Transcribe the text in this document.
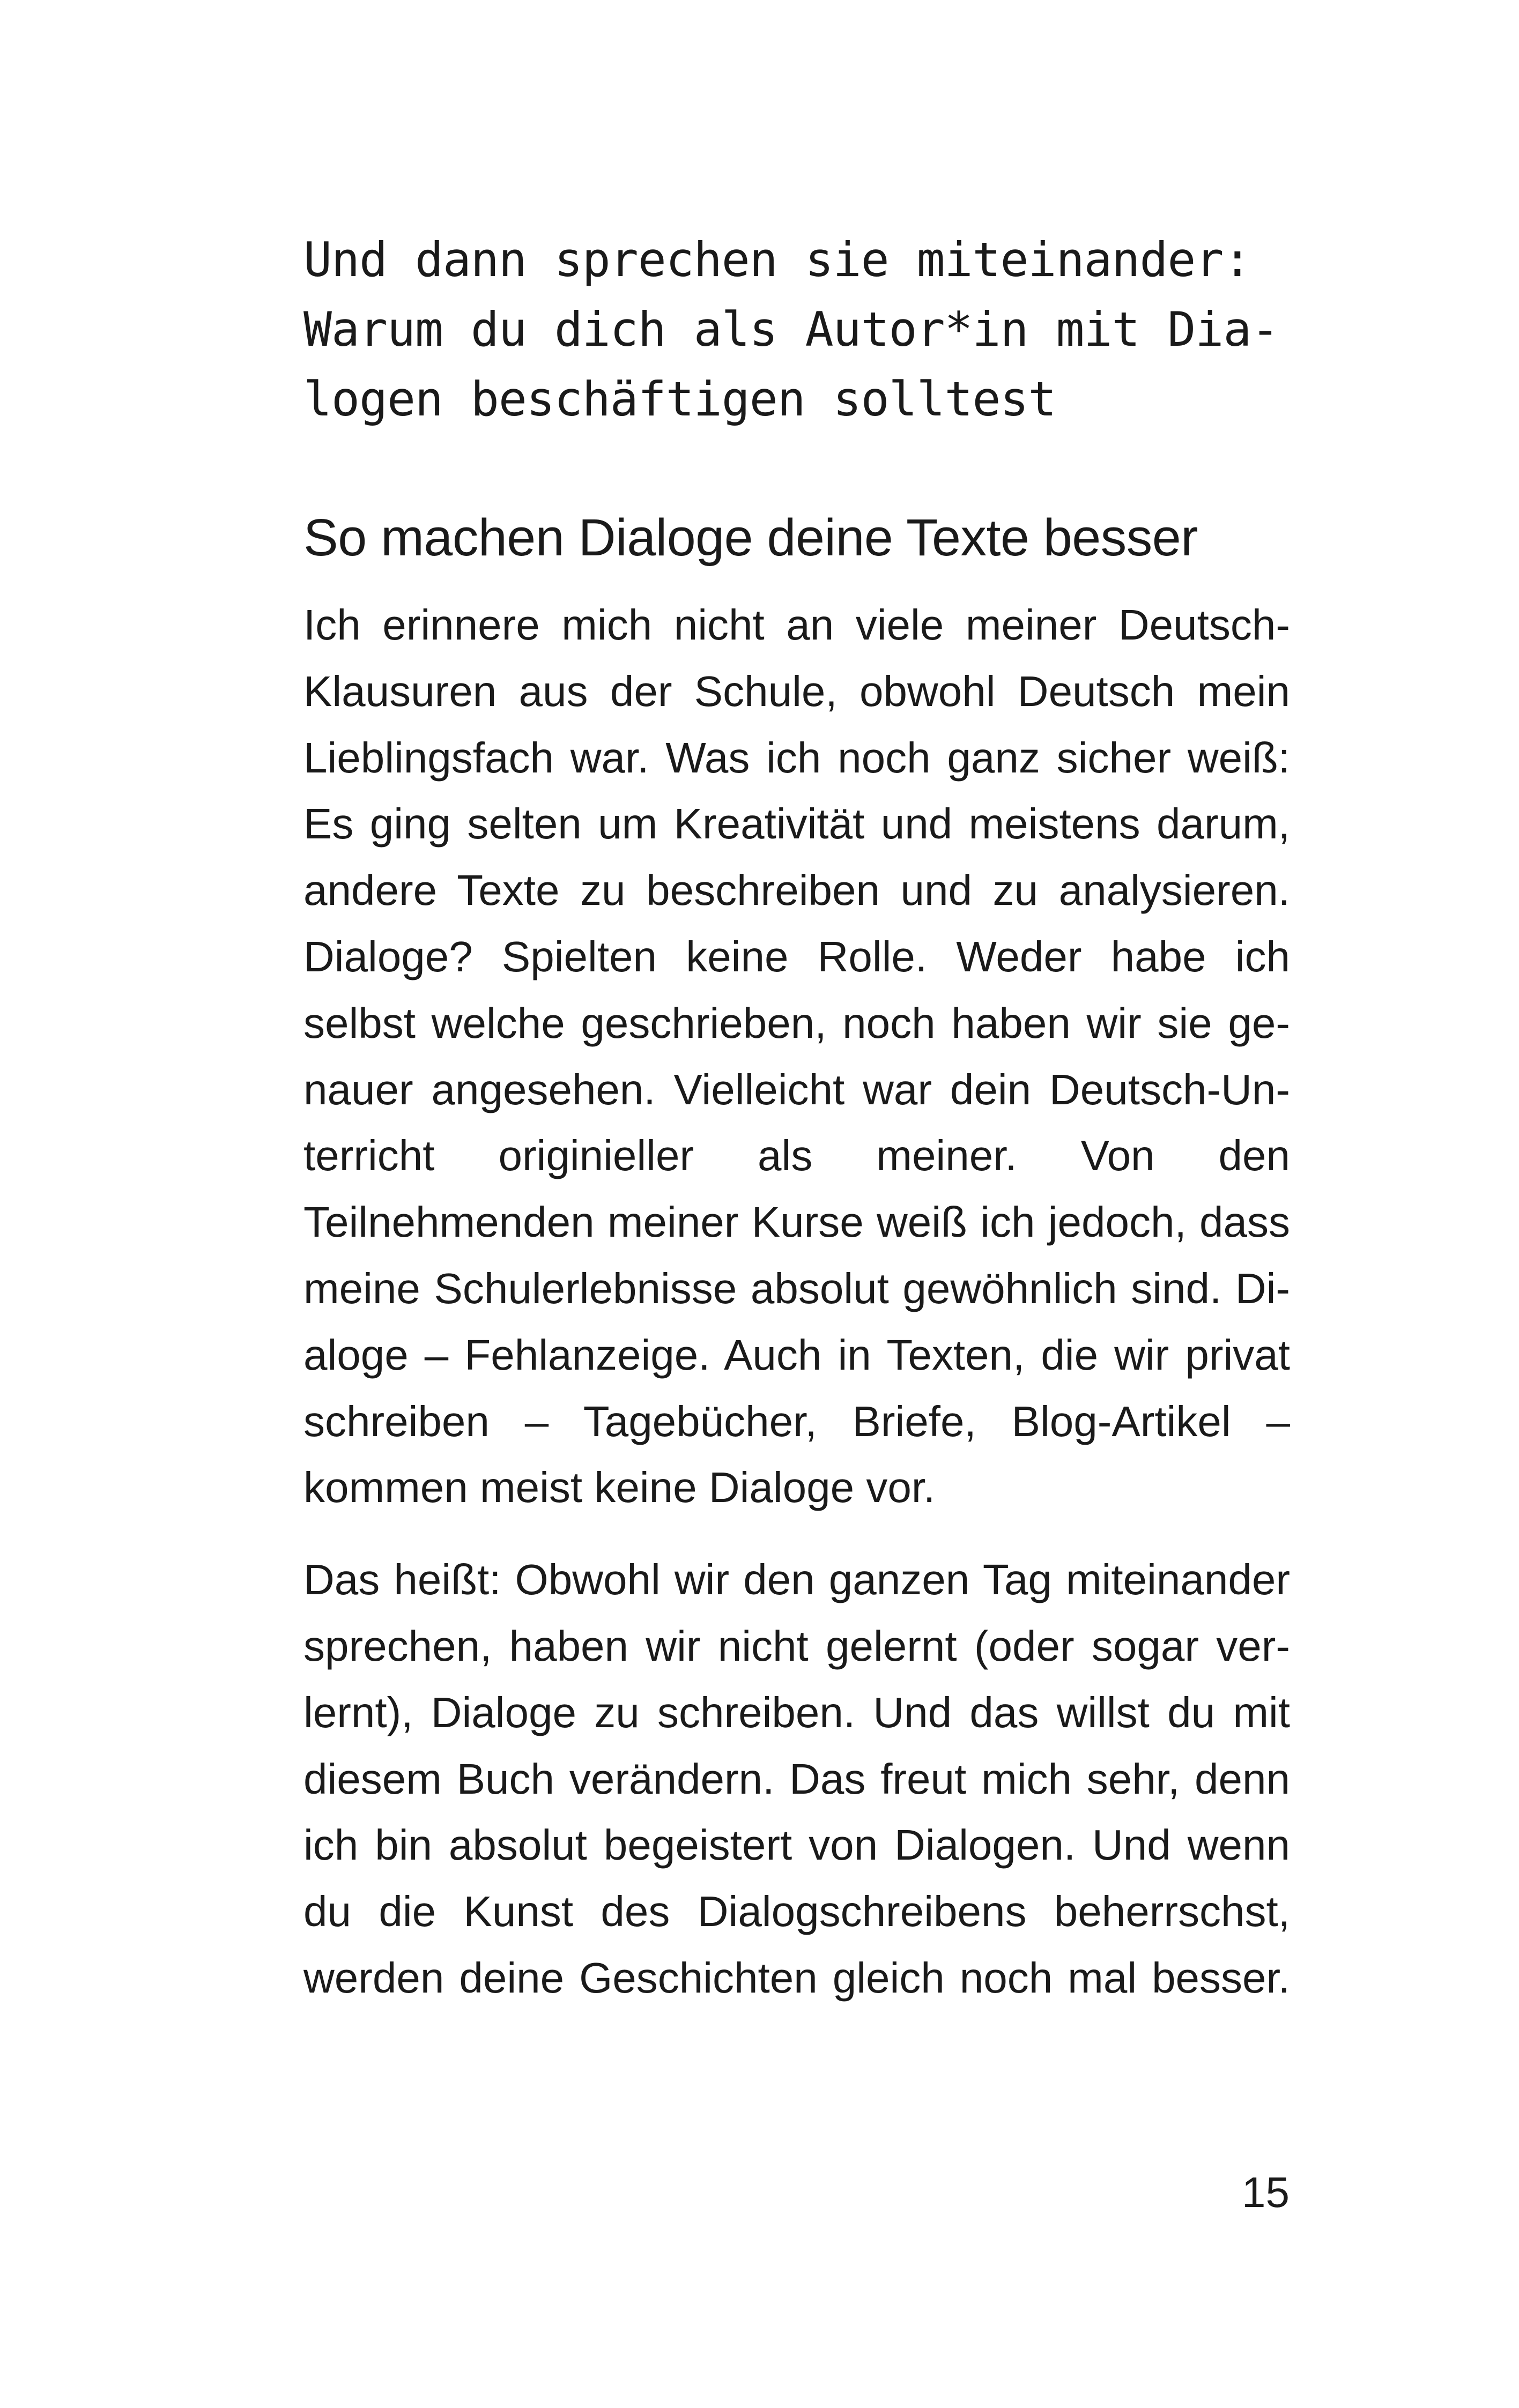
Und dann sprechen sie miteinander:
Warum du dich als Autor*in mit Dia-
logen beschäftigen solltest
So machen Dialoge deine Texte besser

Ich erinnere mich nicht an viele meiner Deutsch-
Klausuren aus der Schule, obwohl Deutsch mein
Lieblingsfach war. Was ich noch ganz sicher weiß:
Es ging selten um Kreativität und meistens darum,
andere Texte zu beschreiben und zu analysieren.
Dialoge? Spielten keine Rolle. Weder habe ich
selbst welche geschrieben, noch haben wir sie ge-
nauer angesehen. Vielleicht war dein Deutsch-Un-
terricht originieller als meiner. Von den
Teilnehmenden meiner Kurse weiß ich jedoch, dass
meine Schulerlebnisse absolut gewöhnlich sind. Di-
aloge – Fehlanzeige. Auch in Texten, die wir privat
schreiben – Tagebücher, Briefe, Blog-Artikel –
kommen meist keine Dialoge vor.

Das heißt: Obwohl wir den ganzen Tag miteinander
sprechen, haben wir nicht gelernt (oder sogar ver-
lernt), Dialoge zu schreiben. Und das willst du mit
diesem Buch verändern. Das freut mich sehr, denn
ich bin absolut begeistert von Dialogen. Und wenn
du die Kunst des Dialogschreibens beherrschst,
werden deine Geschichten gleich noch mal besser.

15
